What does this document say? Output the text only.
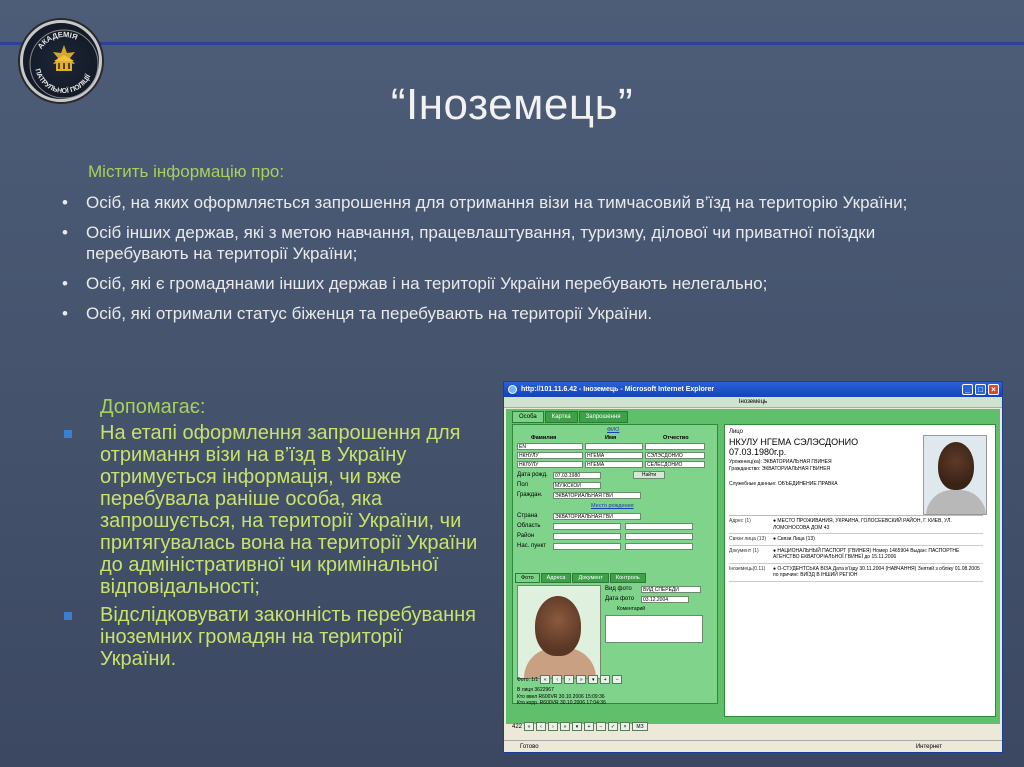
АКАДЕМІЯ
ПАТРУЛЬНОЇ ПОЛІЦІЇ
“Іноземець”
Містить інформацію про:
• Осіб, на яких оформляється запрошення для отримання візи на тимчасовий в’їзд на територію України;
• Осіб інших держав, які з метою навчання, працевлаштування, туризму, ділової чи приватної поїздки перебувають на території України;
• Осіб, які є громадянами інших держав і на території України перебувають нелегально;
• Осіб, які отримали статус біженця та перебувають на території України.
Допомагає:
На етапі оформлення запрошення для отримання візи на в’їзд в Україну отримується інформація, чи вже перебувала раніше особа, яка запрошується, на території України, чи притягувалась вона на території України до адміністративної чи кримінальної відповідальності;
Відслідковувати законність перебування іноземних громадян на території України.
http://101.11.6.42 - Іноземець - Microsoft Internet Explorer	_	□	×
Іноземець
Особа	Картка	Запрошення
ФИО
Фамилия	Имя	Отчество
EN
НКНУЛУ	НГЕМА	СЭЛЭСДОНИО
НКЛУЛУ	НГЕМА	СЕЛЕСДОНИО
Дата рожд.	07.03.1980	Найти
Пол	МУЖСКОЙ
Граждан.	ЭКВАТОРИАЛЬНАЯ ГВИ
Место рождения
Страна	ЭКВАТОРИАЛЬНАЯ ГВИ
Область
Район
Нас. пункт
Фото	Адреса	Документ	Контроль
Вид фото	ВИД СПЕРЕДИ
Дата фото	03.12.2004
Коментарий
Фото: 1/1	«	‹	›	»	▾	+	−
В лиця 3622967
Кто ввел R600VR 30.10.2006 15:09:36
Кто корр. R600VR 30.10.2006 17:04:36
Лицо
НКУЛУ НГЕМА СЭЛЭСДОНИО
07.03.1980г.р.
Уроженец(ка): ЭКВАТОРИАЛЬНАЯ ГВИНЕЯ
Гражданство: ЭКВАТОРИАЛЬНАЯ ГВИНЕЯ
Служебные данные: ОБЪЕДИНЕНИЕ ПРАВКА
Адрес (1)	● МЕСТО ПРОЖИВАНИЯ, УКРАИНА, ГОЛОСЕЕВСКИЙ РАЙОН, Г. КИЕВ, УЛ. ЛОМОНОСОВА ДОМ 43
Связи лица (13)	● Связи Лица (13)
Документ (1)	● НАЦИОНАЛЬНЫЙ ПАСПОРТ (ГВИНЕЯ) Номер 1465904 Выдан: ПАСПОРТНЕ АГЕНСТВО ЕКВАТОРІАЛЬНОЇ ГВИНЕЇ до 15.11.2006
Іноземець(0.11)	● О-СТУДЕНТСЬКА ВІЗА Дата в’їзду 30.11.2004 (НАВЧАННЯ) Знятий з обліку 01.08.2005 по причині: ВИЇЗД В ІНШИЙ РЕГІОН
422	«	‹	›	»	▾	+	−	✓	×	МЗ
Готово	Интернет
